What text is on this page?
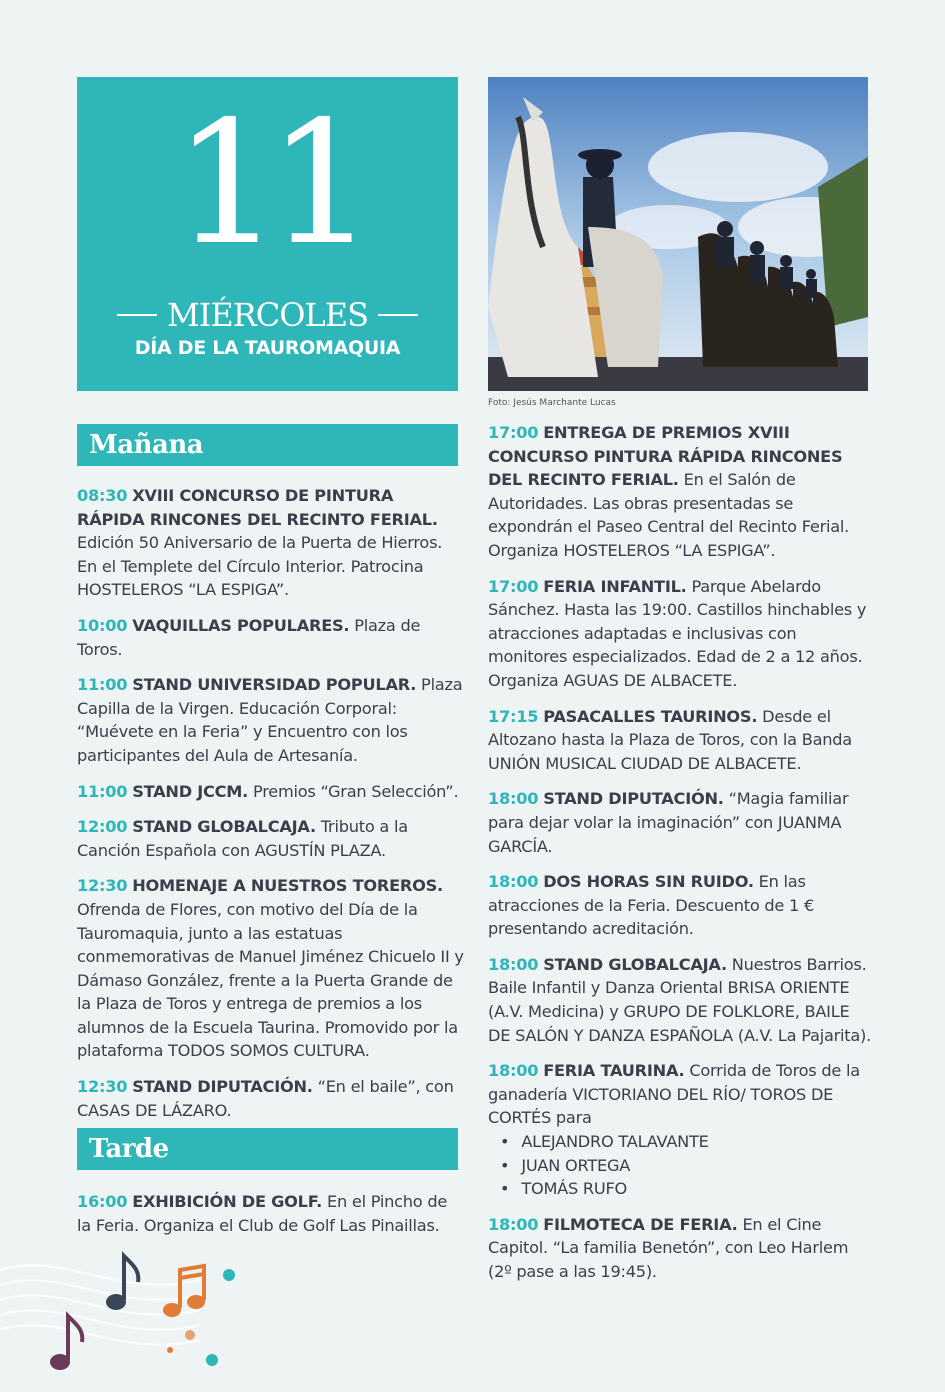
11
MIÉRCOLES
DÍA DE LA TAUROMAQUIA
Foto: Jesús Marchante Lucas
Mañana
Tarde
08:30 XVIII CONCURSO DE PINTURA RÁPIDA RINCONES DEL RECINTO FERIAL. Edición 50 Aniversario de la Puerta de Hierros. En el Templete del Círculo Interior. Patrocina HOSTELEROS “LA ESPIGA”.
10:00 VAQUILLAS POPULARES. Plaza de Toros.
11:00 STAND UNIVERSIDAD POPULAR. Plaza Capilla de la Virgen. Educación Corporal: “Muévete en la Feria” y Encuentro con los participantes del Aula de Artesanía.
11:00 STAND JCCM. Premios “Gran Selección”.
12:00 STAND GLOBALCAJA. Tributo a la Canción Española con AGUSTÍN PLAZA.
12:30 HOMENAJE A NUESTROS TOREROS. Ofrenda de Flores, con motivo del Día de la Tauromaquia, junto a las estatuas conmemorativas de Manuel Jiménez Chicuelo II y Dámaso González, frente a la Puerta Grande de la Plaza de Toros y entrega de premios a los alumnos de la Escuela Taurina. Promovido por la plataforma TODOS SOMOS CULTURA.
12:30 STAND DIPUTACIÓN. “En el baile”, con CASAS DE LÁZARO.
16:00 EXHIBICIÓN DE GOLF. En el Pincho de la Feria. Organiza el Club de Golf Las Pinaillas.
17:00 ENTREGA DE PREMIOS XVIII CONCURSO PINTURA RÁPIDA RINCONES DEL RECINTO FERIAL. En el Salón de Autoridades. Las obras presentadas se expondrán el Paseo Central del Recinto Ferial. Organiza HOSTELEROS “LA ESPIGA”.
17:00 FERIA INFANTIL. Parque Abelardo Sánchez. Hasta las 19:00. Castillos hinchables y atracciones adaptadas e inclusivas con monitores especializados. Edad de 2 a 12 años. Organiza AGUAS DE ALBACETE.
17:15 PASACALLES TAURINOS. Desde el Altozano hasta la Plaza de Toros, con la Banda UNIÓN MUSICAL CIUDAD DE ALBACETE.
18:00 STAND DIPUTACIÓN. “Magia familiar para dejar volar la imaginación” con JUANMA GARCÍA.
18:00 DOS HORAS SIN RUIDO. En las atracciones de la Feria. Descuento de 1 € presentando acreditación.
18:00 STAND GLOBALCAJA. Nuestros Barrios. Baile Infantil y Danza Oriental BRISA ORIENTE (A.V. Medicina) y GRUPO DE FOLKLORE, BAILE DE SALÓN Y DANZA ESPAÑOLA (A.V. La Pajarita).
18:00 FERIA TAURINA. Corrida de Toros de la ganadería VICTORIANO DEL RÍO/ TOROS DE CORTÉS para
• ALEJANDRO TALAVANTE
• JUAN ORTEGA
• TOMÁS RUFO
18:00 FILMOTECA DE FERIA. En el Cine Capitol. “La familia Benetón”, con Leo Harlem (2º pase a las 19:45).
